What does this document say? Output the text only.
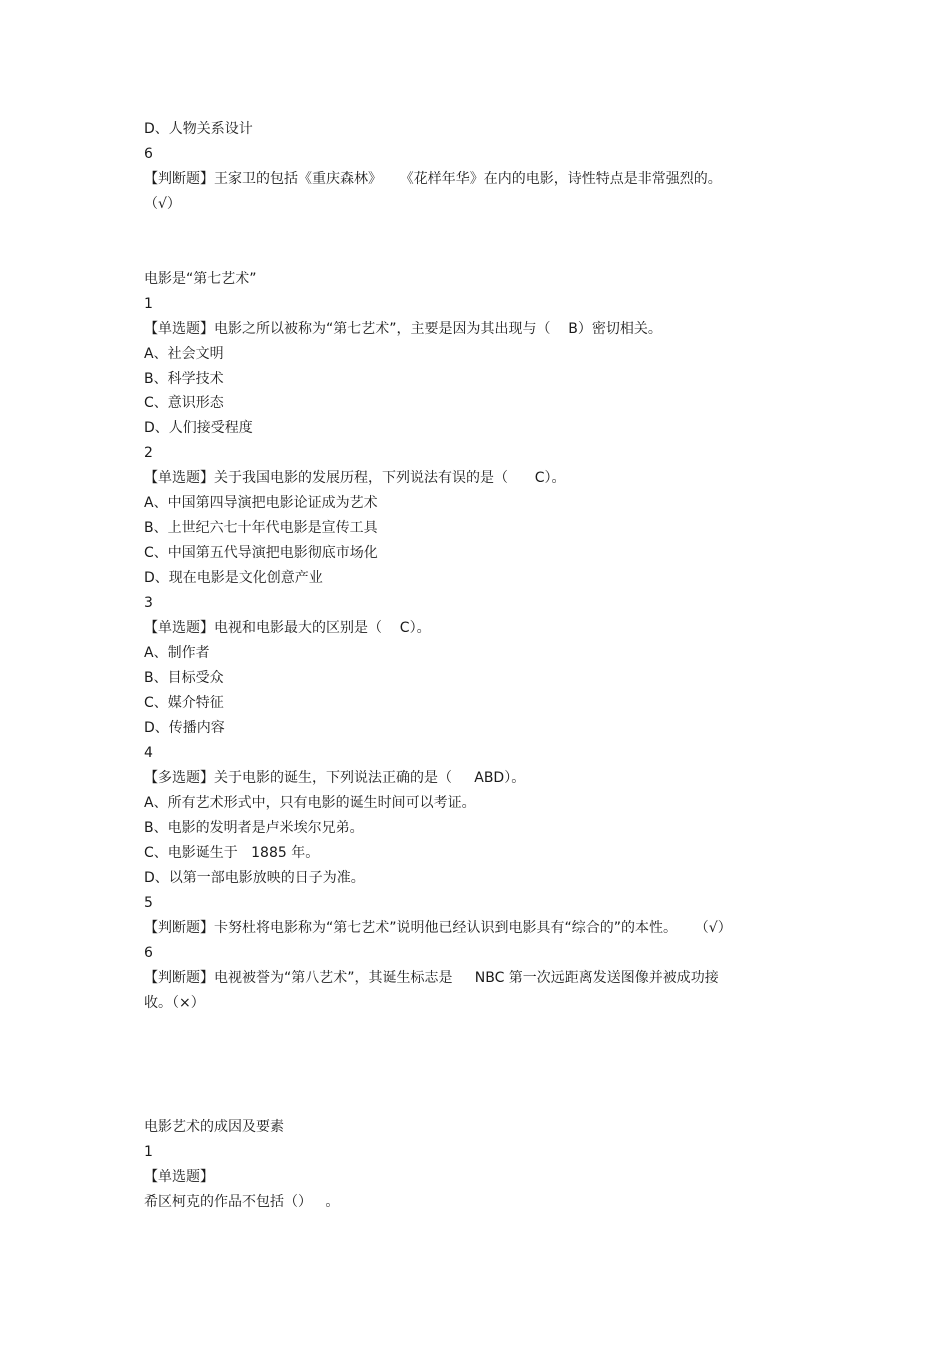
D、人物关系设计
6
【判断题】王家卫的包括《重庆森林》    《花样年华》在内的电影，诗性特点是非常强烈的。
（√）
电影是“第七艺术”
1
【单选题】电影之所以被称为“第七艺术”，主要是因为其出现与（    B）密切相关。
A、社会文明
B、科学技术
C、意识形态
D、人们接受程度
2
【单选题】关于我国电影的发展历程，下列说法有误的是（      C）。
A、中国第四导演把电影论证成为艺术
B、上世纪六七十年代电影是宣传工具
C、中国第五代导演把电影彻底市场化
D、现在电影是文化创意产业
3
【单选题】电视和电影最大的区别是（    C）。
A、制作者
B、目标受众
C、媒介特征
D、传播内容
4
【多选题】关于电影的诞生，下列说法正确的是（     ABD）。
A、所有艺术形式中，只有电影的诞生时间可以考证。
B、电影的发明者是卢米埃尔兄弟。
C、电影诞生于   1885 年。
D、以第一部电影放映的日子为准。
5
【判断题】卡努杜将电影称为“第七艺术”说明他已经认识到电影具有“综合的”的本性。    （√）
6
【判断题】电视被誉为“第八艺术”，其诞生标志是     NBC 第一次远距离发送图像并被成功接
收。（×）
电影艺术的成因及要素
1
【单选题】
希区柯克的作品不包括（）   。
